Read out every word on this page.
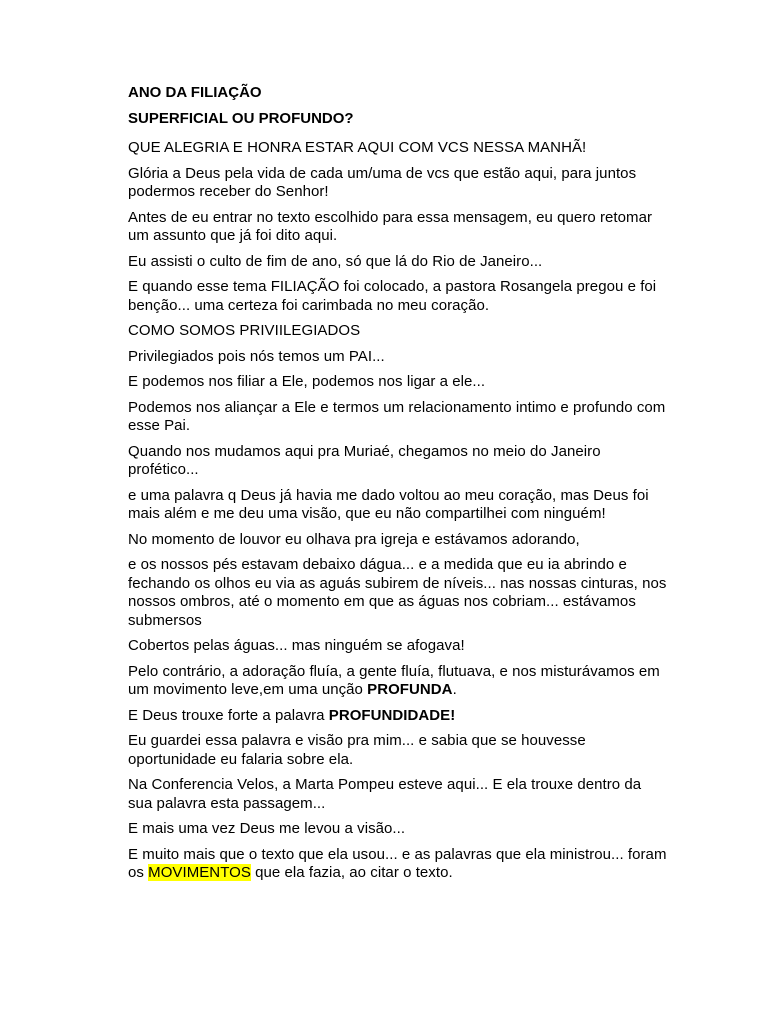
ANO DA FILIAÇÃO
SUPERFICIAL OU PROFUNDO?

QUE ALEGRIA E HONRA ESTAR AQUI COM VCS NESSA MANHÃ!

Glória a Deus pela vida de cada um/uma de vcs que estão aqui, para juntos podermos receber do Senhor!

Antes de eu entrar no texto escolhido para essa mensagem, eu quero retomar um assunto que já foi dito aqui.

Eu assisti o culto de fim de ano, só que lá do Rio de Janeiro...

E quando esse tema FILIAÇÃO foi colocado, a pastora Rosangela pregou e foi benção... uma certeza foi carimbada no meu coração.

COMO SOMOS PRIVIILEGIADOS

Privilegiados pois nós temos um PAI...

E podemos nos filiar a Ele, podemos nos ligar a ele...

Podemos nos aliançar a Ele e termos um relacionamento intimo e profundo com esse Pai.

Quando nos mudamos aqui pra Muriaé, chegamos no meio do Janeiro profético...

e uma palavra q Deus já havia me dado voltou ao meu coração, mas Deus foi mais além e me deu uma visão, que eu não compartilhei com ninguém!

No momento de louvor eu olhava pra igreja e estávamos adorando,

e os nossos pés estavam debaixo dágua... e a medida que eu ia abrindo e fechando os olhos eu via as aguás subirem de níveis... nas nossas cinturas, nos nossos ombros, até o momento em que as águas nos cobriam... estávamos submersos

Cobertos pelas águas... mas ninguém se afogava!

Pelo contrário, a adoração fluía, a gente fluía, flutuava, e nos misturávamos em um movimento leve,em uma unção PROFUNDA.

E Deus trouxe forte a palavra PROFUNDIDADE!

Eu guardei essa palavra e visão pra mim... e sabia que se houvesse oportunidade eu falaria sobre ela.

Na Conferencia Velos, a Marta Pompeu esteve aqui... E ela trouxe dentro da sua palavra esta passagem...

E mais uma vez Deus me levou a visão...

E muito mais que o texto que ela usou... e as palavras que ela ministrou... foram os MOVIMENTOS que ela fazia, ao citar o texto.
